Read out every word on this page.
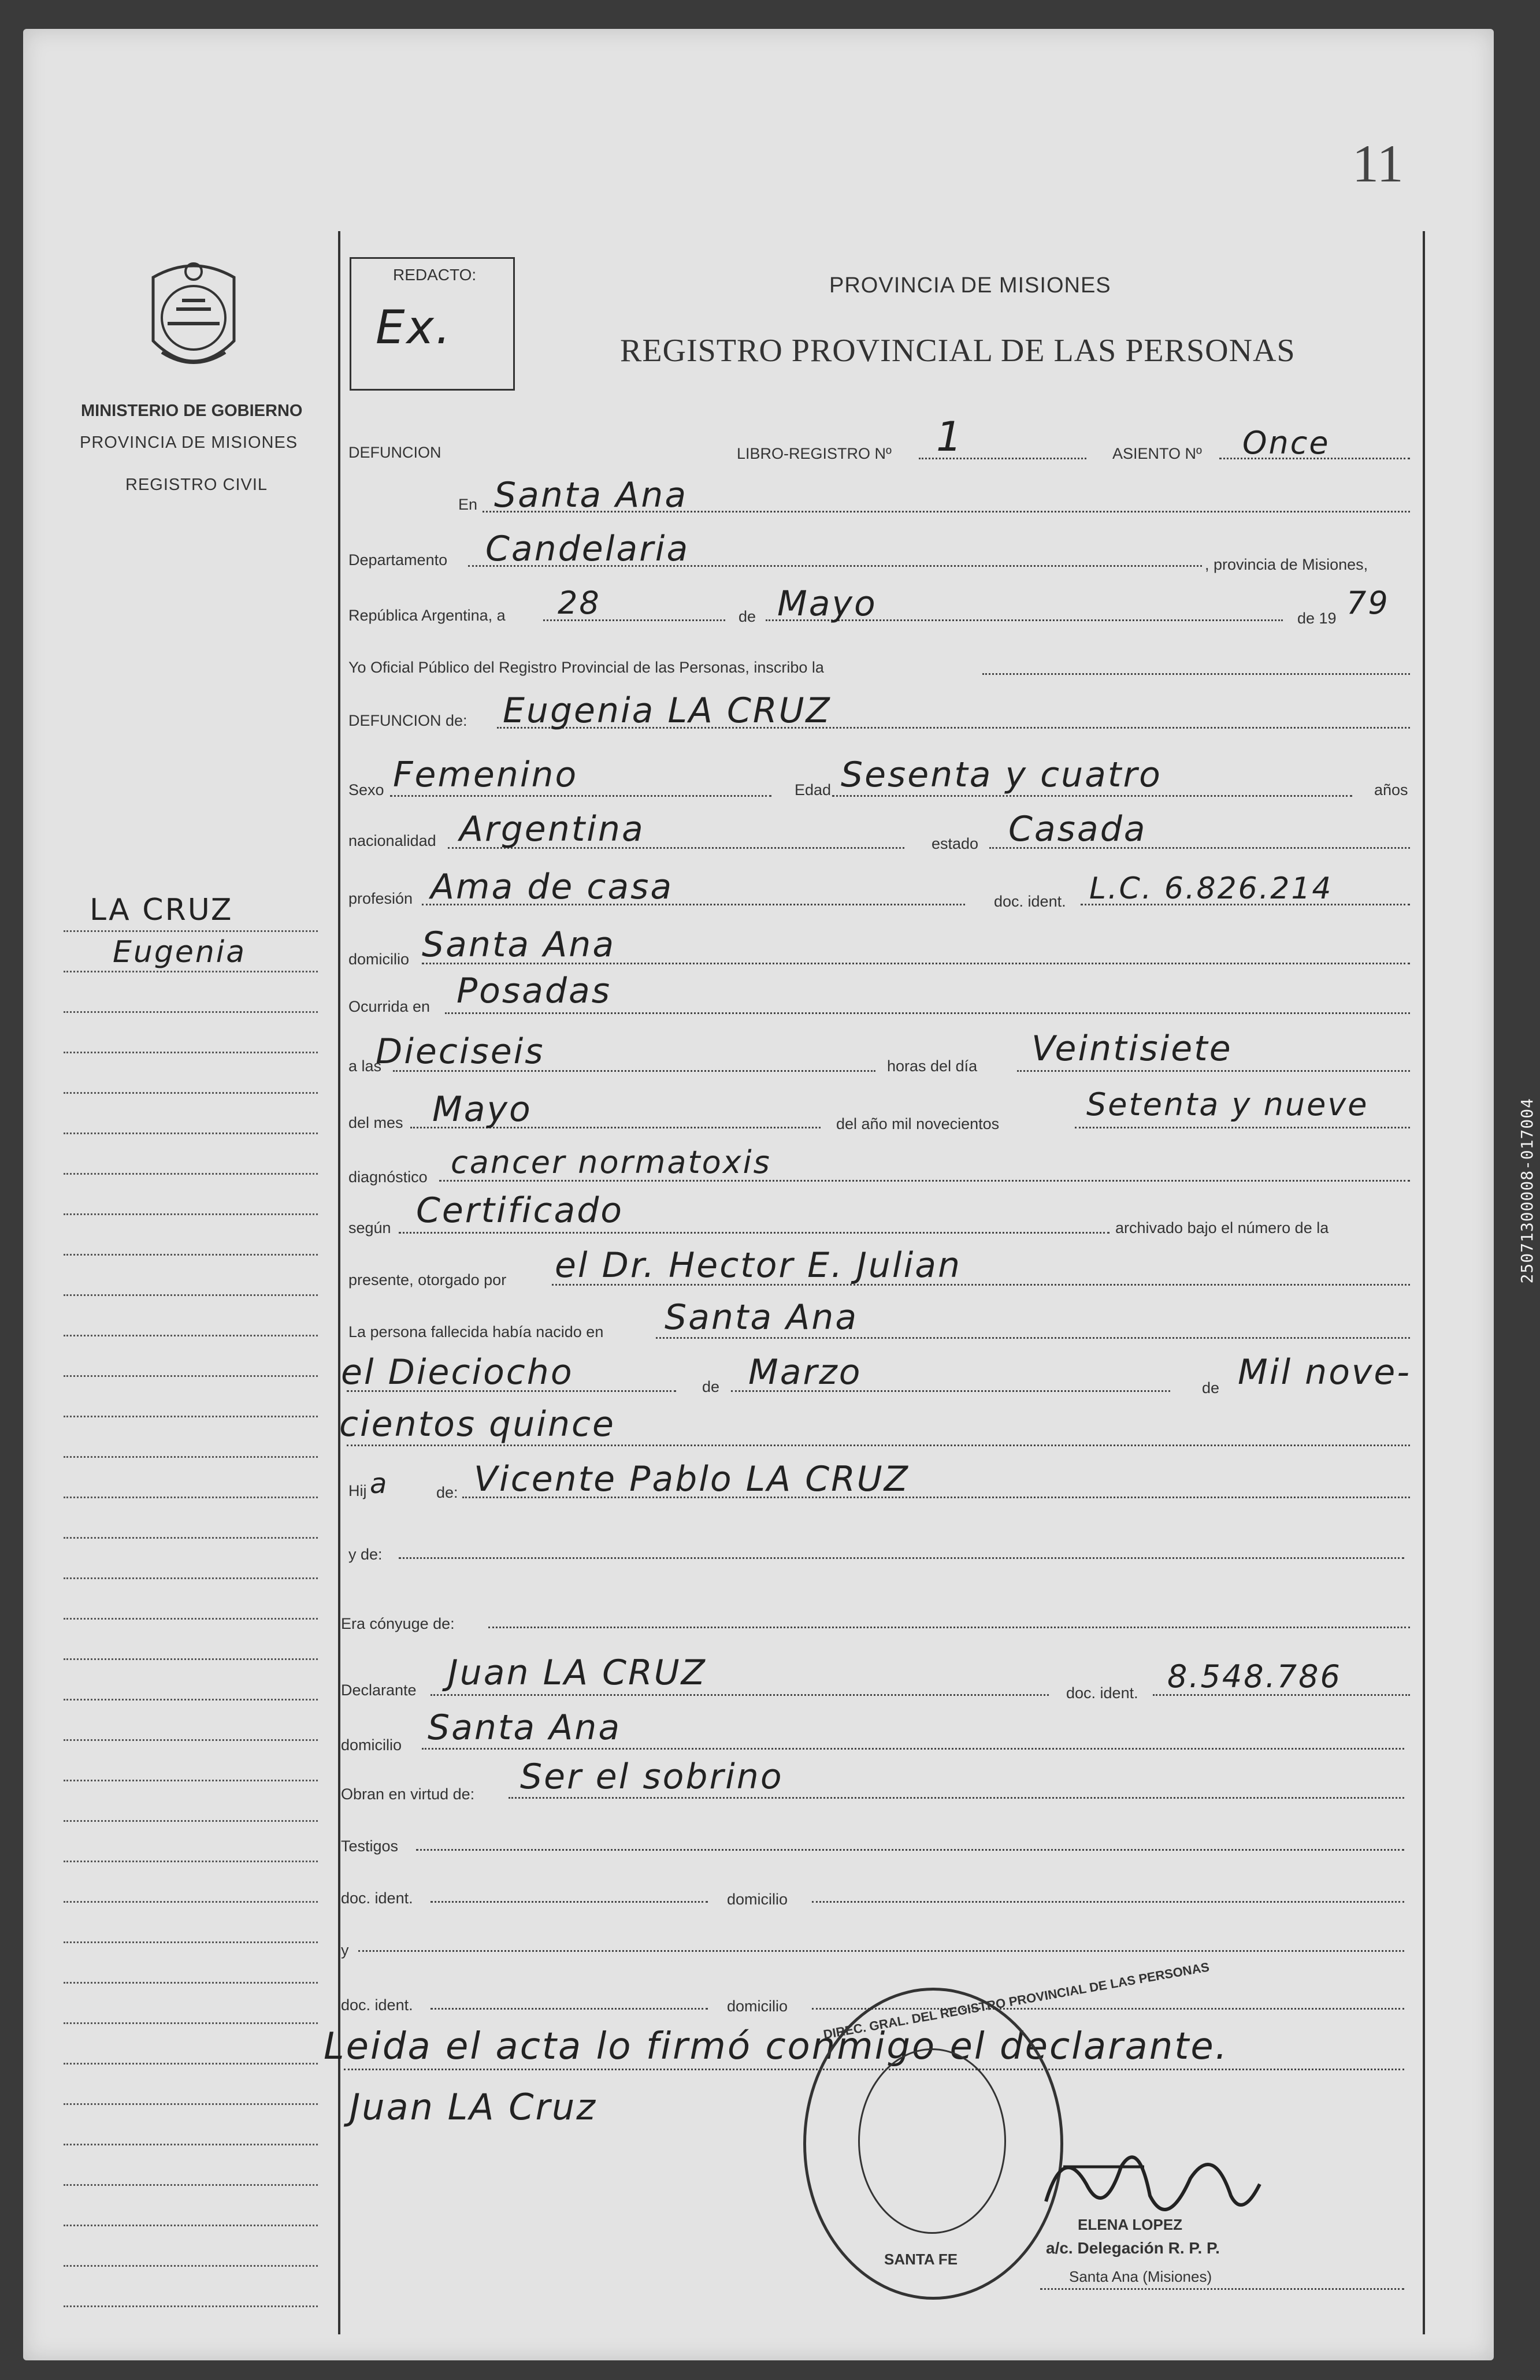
25071300008-017004
11
MINISTERIO DE GOBIERNO
PROVINCIA DE MISIONES
REGISTRO CIVIL
LA CRUZ
Eugenia
REDACTO:
Ex.
PROVINCIA DE MISIONES
REGISTRO PROVINCIAL DE LAS PERSONAS
DEFUNCION	LIBRO-REGISTRO Nº 1	ASIENTO Nº Once
En Santa Ana
Departamento Candelaria	, provincia de Misiones,
República Argentina, a 28	de Mayo	de 19 79
Yo Oficial Público del Registro Provincial de las Personas, inscribo la
DEFUNCION de: Eugenia LA CRUZ
Sexo Femenino	Edad Sesenta y cuatro	años
nacionalidad Argentina	estado Casada
profesión Ama de casa	doc. ident. L.C. 6.826.214
domicilio Santa Ana
Ocurrida en Posadas
a las
Dieciseis	horas del día Veintisiete
del mes Mayo	del año mil novecientos
Setenta y nueve
diagnóstico cancer normatoxis
según Certificado	archivado bajo el número de la
presente, otorgado por el Dr. Hector E. Julian
La persona fallecida había nacido en Santa Ana
el Dieciocho	de Marzo	de Mil nove-
cientos quince
Hij a	de: Vicente Pablo LA CRUZ
y de:
Era cónyuge de:
Declarante Juan LA CRUZ	doc. ident. 8.548.786
domicilio Santa Ana
Obran en virtud de: Ser el sobrino
Testigos
doc. ident.	domicilio
y
doc. ident.	domicilio
Leida el acta lo firmó conmigo el declarante.
Juan LA Cruz
DIREC. GRAL. DEL REGISTRO PROVINCIAL DE LAS PERSONAS
SANTA FE
ELENA LOPEZ
a/c. Delegación R. P. P.
Santa Ana (Misiones)
